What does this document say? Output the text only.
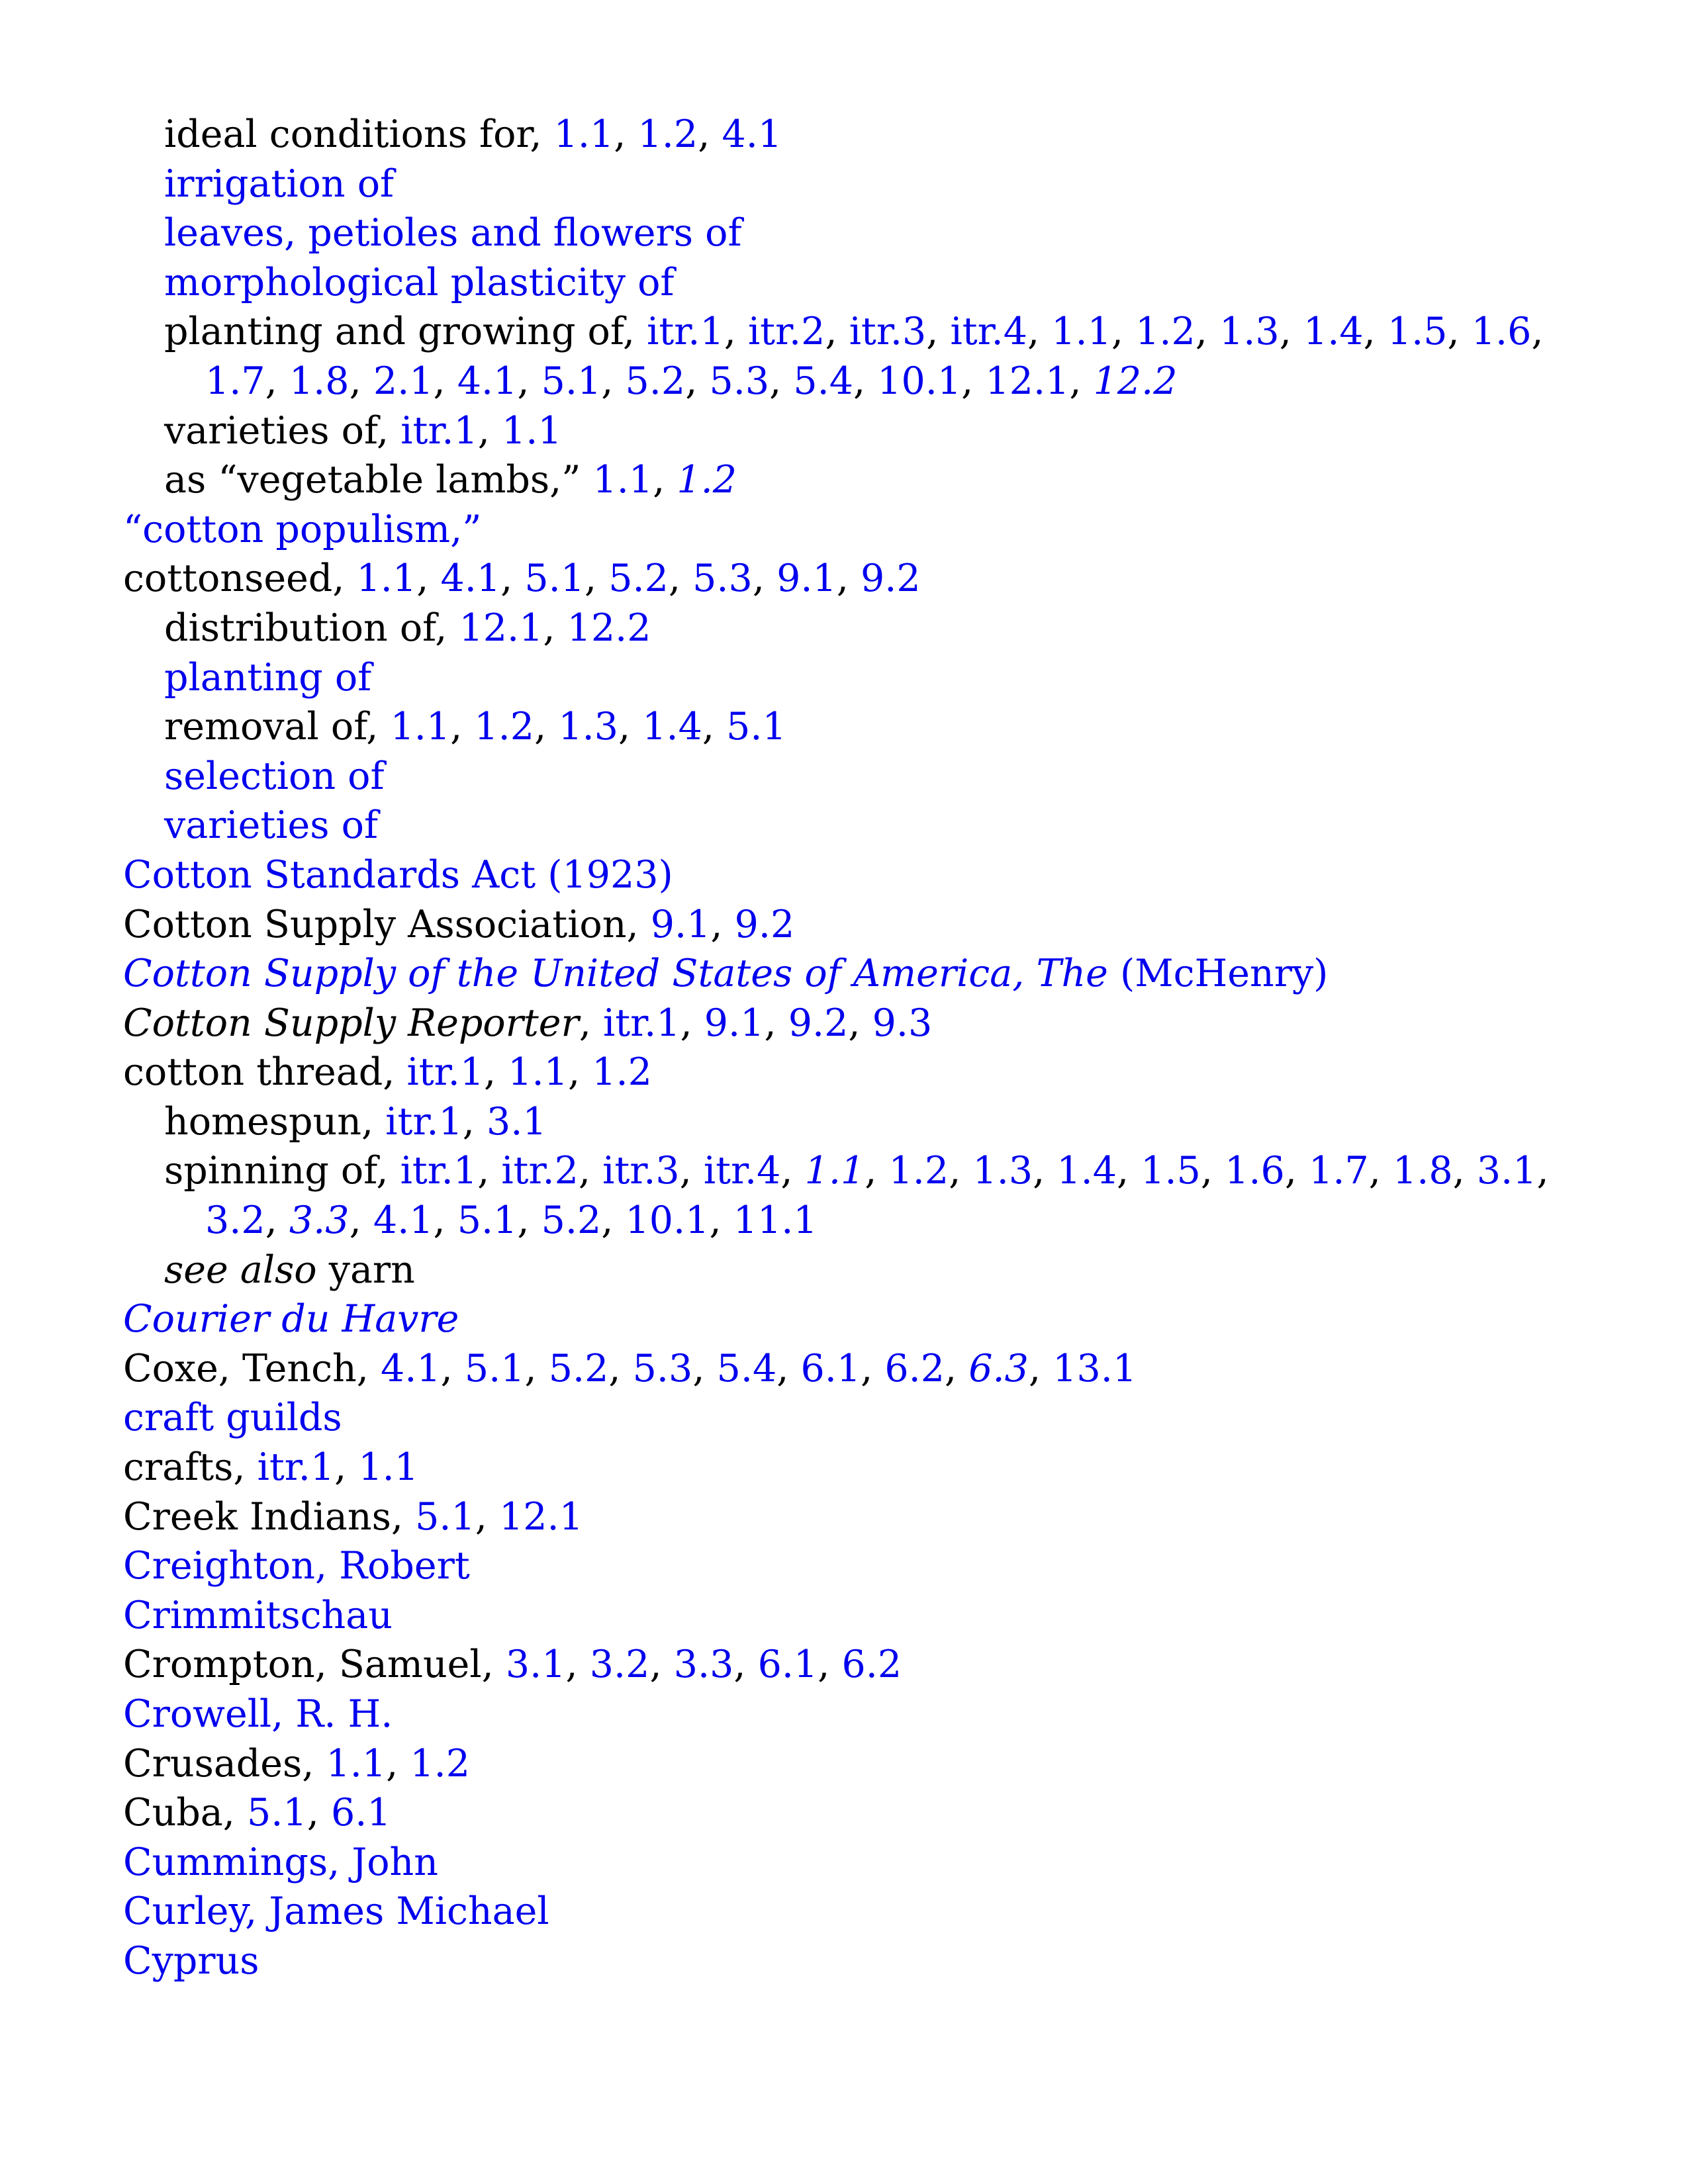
ideal conditions for, 1.1, 1.2, 4.1
irrigation of
leaves, petioles and flowers of
morphological plasticity of
planting and growing of, itr.1, itr.2, itr.3, itr.4, 1.1, 1.2, 1.3, 1.4, 1.5, 1.6, 1.7, 1.8, 2.1, 4.1, 5.1, 5.2, 5.3, 5.4, 10.1, 12.1, 12.2
varieties of, itr.1, 1.1
as “vegetable lambs,” 1.1, 1.2
“cotton populism,”
cottonseed, 1.1, 4.1, 5.1, 5.2, 5.3, 9.1, 9.2
distribution of, 12.1, 12.2
planting of
removal of, 1.1, 1.2, 1.3, 1.4, 5.1
selection of
varieties of
Cotton Standards Act (1923)
Cotton Supply Association, 9.1, 9.2
Cotton Supply of the United States of America, The (McHenry)
Cotton Supply Reporter, itr.1, 9.1, 9.2, 9.3
cotton thread, itr.1, 1.1, 1.2
homespun, itr.1, 3.1
spinning of, itr.1, itr.2, itr.3, itr.4, 1.1, 1.2, 1.3, 1.4, 1.5, 1.6, 1.7, 1.8, 3.1, 3.2, 3.3, 4.1, 5.1, 5.2, 10.1, 11.1
see also yarn
Courier du Havre
Coxe, Tench, 4.1, 5.1, 5.2, 5.3, 5.4, 6.1, 6.2, 6.3, 13.1
craft guilds
crafts, itr.1, 1.1
Creek Indians, 5.1, 12.1
Creighton, Robert
Crimmitschau
Crompton, Samuel, 3.1, 3.2, 3.3, 6.1, 6.2
Crowell, R. H.
Crusades, 1.1, 1.2
Cuba, 5.1, 6.1
Cummings, John
Curley, James Michael
Cyprus
